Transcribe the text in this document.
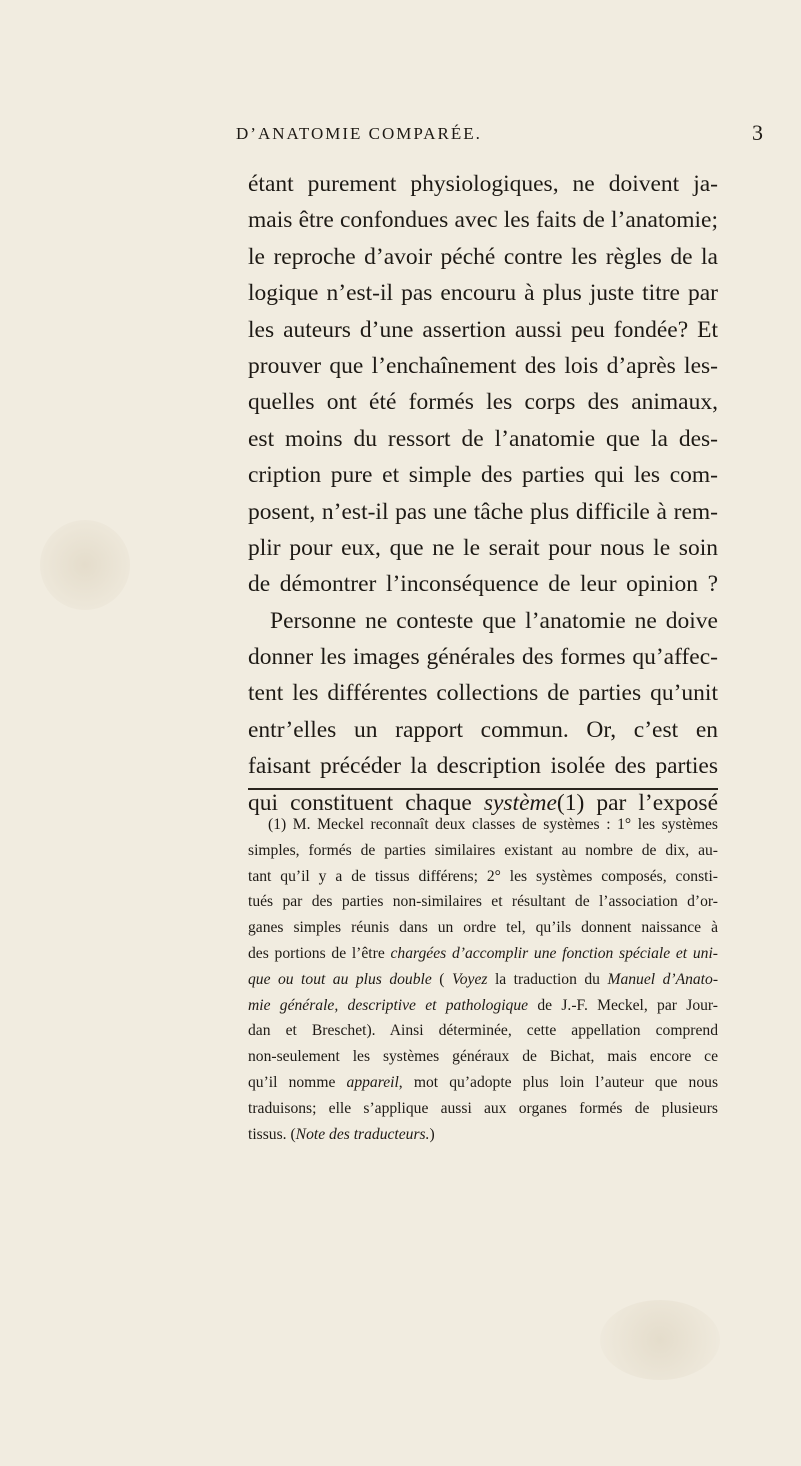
D’ANATOMIE COMPARÉE.	3
étant purement physiologiques, ne doivent ja-
mais être confondues avec les faits de l’anatomie;
le reproche d’avoir péché contre les règles de la
logique n’est-il pas encouru à plus juste titre par
les auteurs d’une assertion aussi peu fondée? Et
prouver que l’enchaînement des lois d’après les-
quelles ont été formés les corps des animaux,
est moins du ressort de l’anatomie que la des-
cription pure et simple des parties qui les com-
posent, n’est-il pas une tâche plus difficile à rem-
plir pour eux, que ne le serait pour nous le soin
de démontrer l’inconséquence de leur opinion ?
Personne ne conteste que l’anatomie ne doive
donner les images générales des formes qu’affec-
tent les différentes collections de parties qu’unit
entr’elles un rapport commun. Or, c’est en
faisant précéder la description isolée des parties
qui constituent chaque système(1) par l’exposé
(1) M. Meckel reconnaît deux classes de systèmes : 1° les systèmes
simples, formés de parties similaires existant au nombre de dix, au-
tant qu’il y a de tissus différens; 2° les systèmes composés, consti-
tués par des parties non-similaires et résultant de l’association d’or-
ganes simples réunis dans un ordre tel, qu’ils donnent naissance à
des portions de l’être chargées d’accomplir une fonction spéciale et uni-
que ou tout au plus double ( Voyez la traduction du Manuel d’Anato-
mie générale, descriptive et pathologique de J.-F. Meckel, par Jour-
dan et Breschet). Ainsi déterminée, cette appellation comprend
non-seulement les systèmes généraux de Bichat, mais encore ce
qu’il nomme appareil, mot qu’adopte plus loin l’auteur que nous
traduisons; elle s’applique aussi aux organes formés de plusieurs
tissus. (Note des traducteurs.)
